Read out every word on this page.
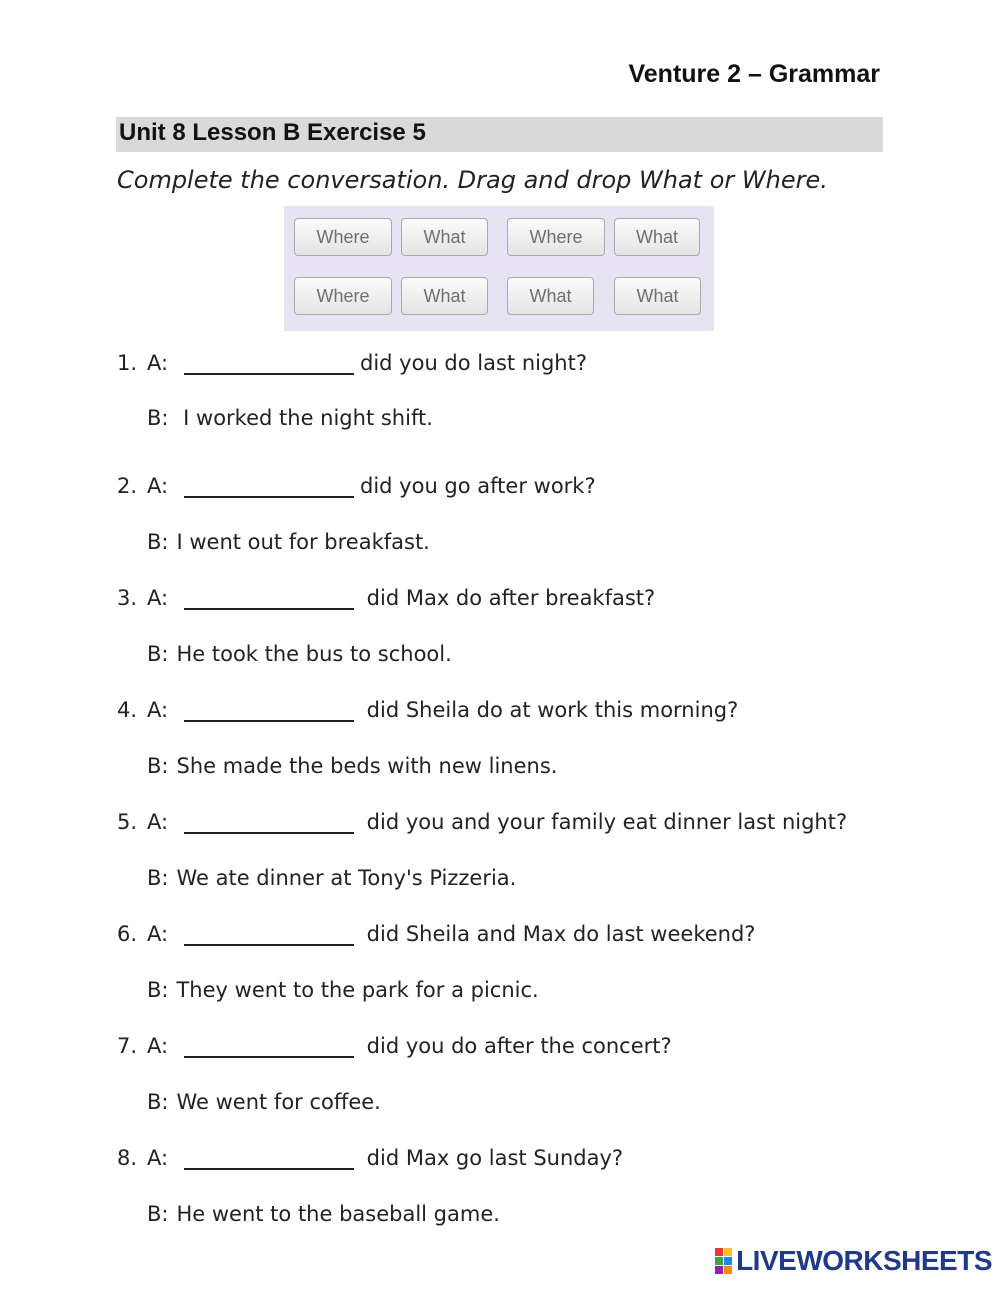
Venture 2 – Grammar
Unit 8 Lesson B Exercise 5
Complete the conversation. Drag and drop What or Where.
Where	What	Where	What
Where	What	What	What
1. A:	did you do last night?
B: I worked the night shift.
2. A:	did you go after work?
B: I went out for breakfast.
3. A:	did Max do after breakfast?
B: He took the bus to school.
4. A:	did Sheila do at work this morning?
B: She made the beds with new linens.
5. A:	did you and your family eat dinner last night?
B: We ate dinner at Tony's Pizzeria.
6. A:	did Sheila and Max do last weekend?
B: They went to the park for a picnic.
7. A:	did you do after the concert?
B: We went for coffee.
8. A:	did Max go last Sunday?
B: He went to the baseball game.
LIVEWORKSHEETS
